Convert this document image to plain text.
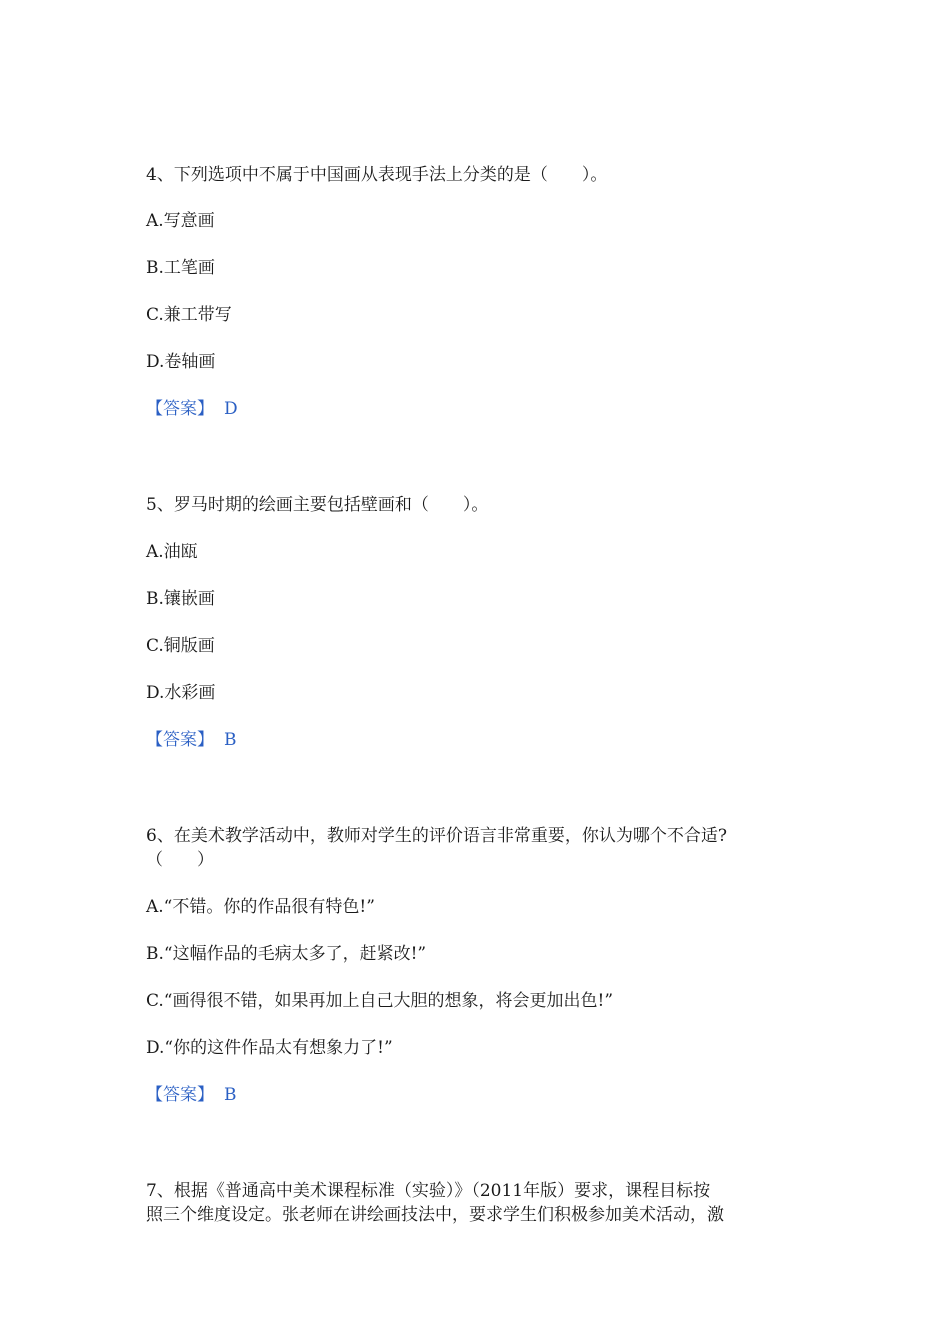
4、下列选项中不属于中国画从表现手法上分类的是（　　）。
A.写意画
B.工笔画
C.兼工带写
D.卷轴画
【答案】 D
5、罗马时期的绘画主要包括壁画和（　　）。
A.油瓯
B.镶嵌画
C.铜版画
D.水彩画
【答案】 B
6、在美术教学活动中，教师对学生的评价语言非常重要，你认为哪个不合适?
（　　）
A.“不错。你的作品很有特色!”
B.“这幅作品的毛病太多了，赶紧改!”
C.“画得很不错，如果再加上自己大胆的想象，将会更加出色!”
D.“你的这件作品太有想象力了!”
【答案】 B
7、根据《普通高中美术课程标准（实验）》（2011年版）要求，课程目标按
照三个维度设定。张老师在讲绘画技法中，要求学生们积极参加美术活动，激
